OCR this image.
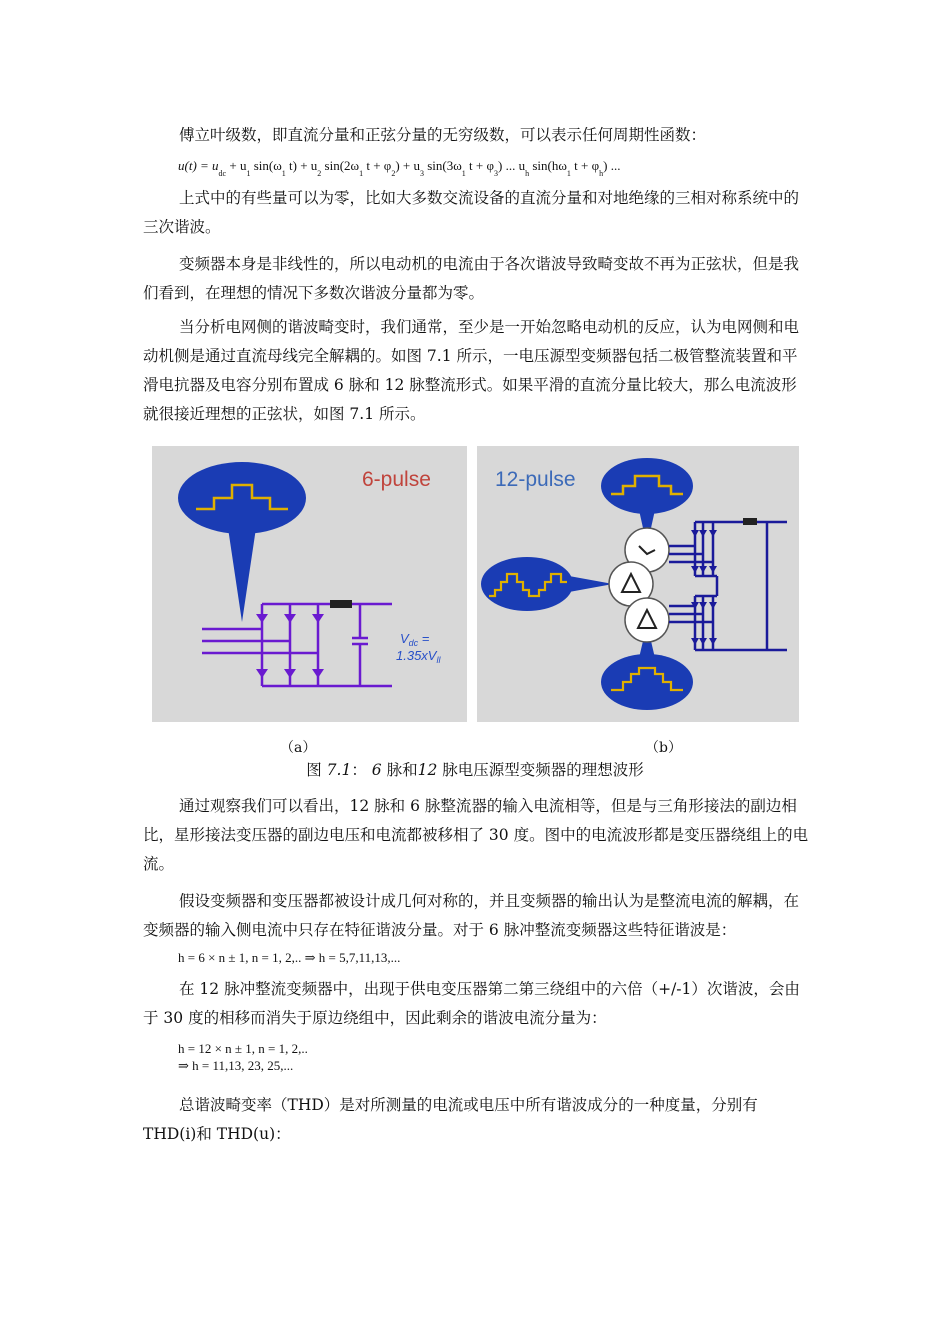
傅立叶级数，即直流分量和正弦分量的无穷级数，可以表示任何周期性函数：

$u(t) = u_{dc} + u_1$ $\sin(\omega_1$ $t) + u_2$ $\sin(2\omega_1$ $t + \varphi_2) + u_3$ $\sin(3\omega_1$ $t + \varphi_3$) ... $u_h$ $\sin(h\omega_1$ $t + \varphi_h$) ...

上式中的有些量可以为零，比如大多数交流设备的直流分量和对地绝缘的三相对称系统中的三次谐波。

变频器本身是非线性的，所以电动机的电流由于各次谐波导致畸变故不再为正弦状，但是我们看到，在理想的情况下多数次谐波分量都为零。

当分析电网侧的谐波畸变时，我们通常，至少是一开始忽略电动机的反应，认为电网侧和电动机侧是通过直流母线完全解耦的。如图 7.1 所示，一电压源型变频器包括二极管整流装置和平滑电抗器及电容分别布置成 6 脉和 12 脉整流形式。如果平滑的直流分量比较大，那么电流波形就很接近理想的正弦状，如图 7.1 所示。

6-pulse
$V_{dc}$ =
$1.35xV_{ll}$
12-pulse
（a）	（b）
图 7.1： 6 脉和12 脉电压源型变频器的理想波形

通过观察我们可以看出，12 脉和 6 脉整流器的输入电流相等，但是与三角形接法的副边相比，星形接法变压器的副边电压和电流都被移相了 30 度。图中的电流波形都是变压器绕组上的电流。

假设变频器和变压器都被设计成几何对称的，并且变频器的输出认为是整流电流的解耦，在变频器的输入侧电流中只存在特征谐波分量。对于 6 脉冲整流变频器这些特征谐波是：

h = 6 × n ± 1, n = 1, 2,.. ⇒ h = 5,7,11,13,...

在 12 脉冲整流变频器中，出现于供电变压器第二第三绕组中的六倍（+/-1）次谐波，会由于 30 度的相移而消失于原边绕组中，因此剩余的谐波电流分量为：

h = 12 × n ± 1, n = 1, 2,..
⇒ h = 11,13, 23, 25,...

总谐波畸变率（THD）是对所测量的电流或电压中所有谐波成分的一种度量，分别有 THD(i)和 THD(u)：
